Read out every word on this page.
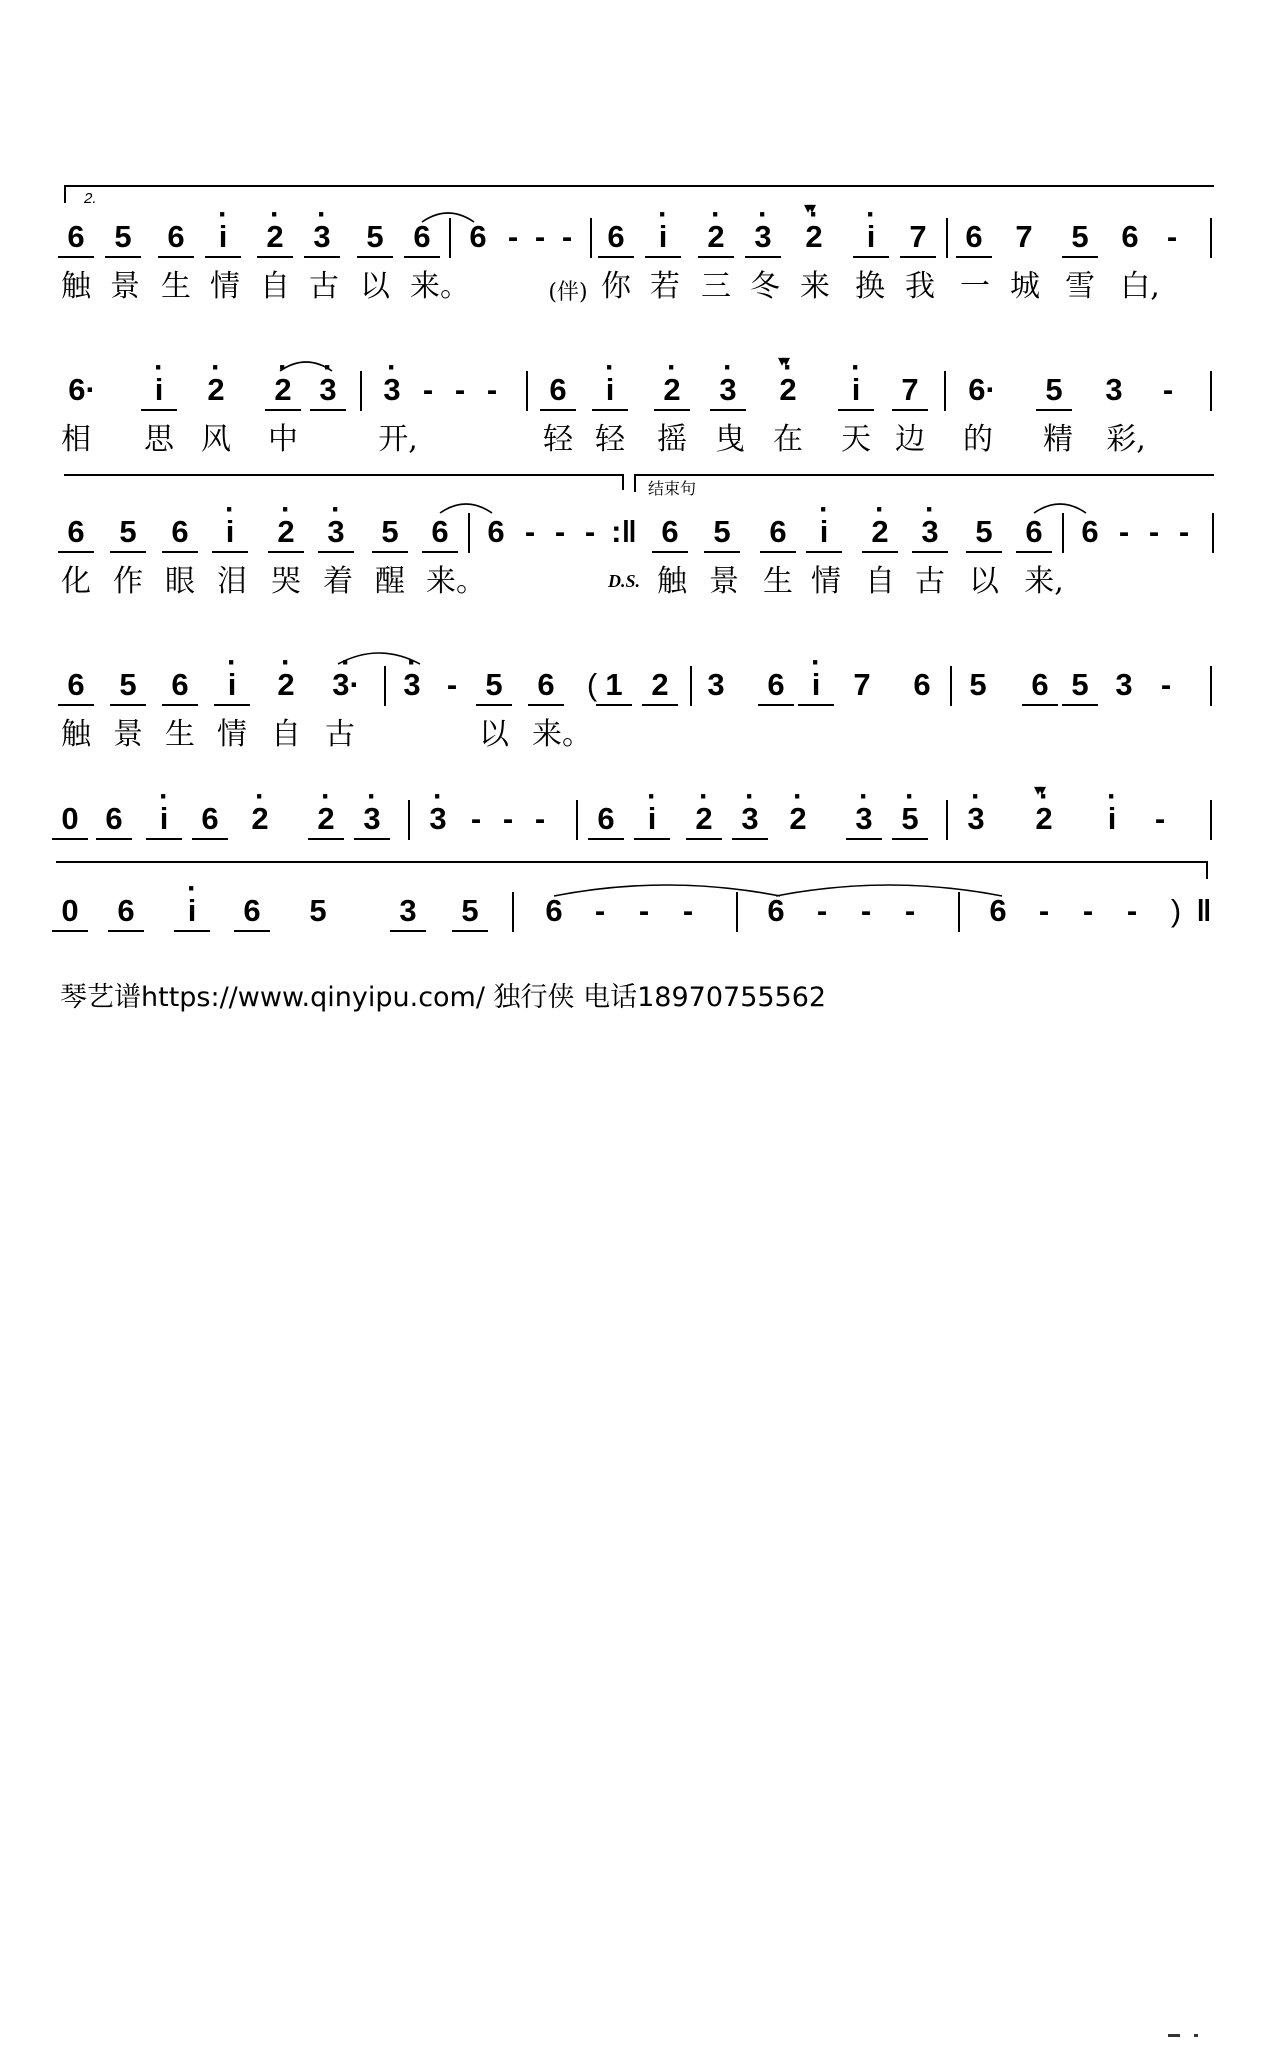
2.
结束句
6 5 6	· i	· 2 · 3 5 6 6 - - -	6	· i	· 2 · 3 · 2
▾▾
· i	7 6 7 5 6 -
触 景 生 情 自 古 以 来。	(伴) 你 若 三 冬 来 换 我 一 城 雪 白,
6·	· i	· 2 · 2 · 3 · 3 - - -	6	· i	· 2 · 3 · 2
▾▾
· i	7 6· 5 3	-
相 思 风 中	开,	轻 轻 摇 曳 在 天 边 的 精 彩,
6 5 6	· i	· 2 · 3 5 6 6 - - - :‖ 6 5 6	· i	· 2 · 3 5 6 6 - - -
化 作 眼 泪 哭 着 醒 来。	D.S. 触 景 生 情 自 古 以 来,
6 5 6	· i	· 2 · 3· · 3 - 5 6	( 1 2 3 6 · i	7 6 5 6 5 3 -
触 景 生 情 自 古	以 来。
0 6	· i	6 · 2 · 2 · 3 · 3 - - -	6	· i	· 2 · 3 · 2 · 3 · 5 · 3 · 2
▾▾
· i	-
0 6	· i	6 5 3 5 6	-	-	-	6	-	-	-	6	-	-	-	) ‖
琴艺谱https://www.qinyipu.com/ 独行侠 电话18970755562
